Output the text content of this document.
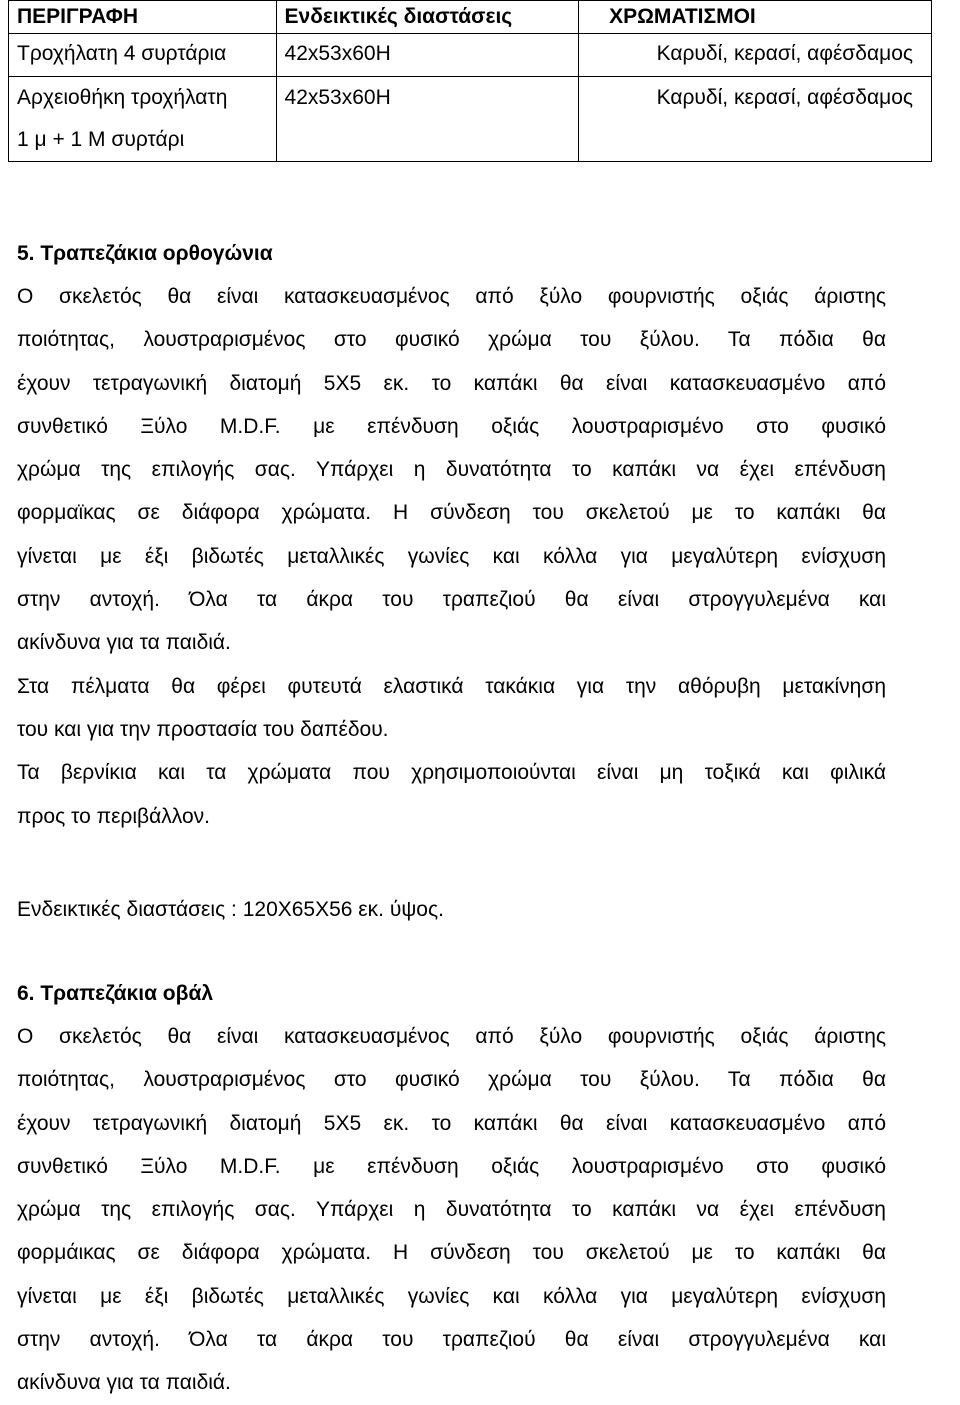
ΠΕΡΙΓΡΑΦΗ	Ενδεικτικές διαστάσεις	ΧΡΩΜΑΤΙΣΜΟΙ
Τροχήλατη 4 συρτάρια	42x53x60H	Καρυδί, κερασί, αφέσδαμος

Αρχειοθήκη τροχήλατη
1 μ + 1 Μ συρτάρι	42x53x60H	Καρυδί, κερασί, αφέσδαμος

5. Τραπεζάκια ορθογώνια

Ο σκελετός θα είναι κατασκευασμένος από ξύλο φουρνιστής οξιάς άριστης
ποιότητας, λουστραρισμένος στο φυσικό χρώμα του ξύλου. Τα πόδια θα
έχουν τετραγωνική διατομή 5Χ5 εκ. το καπάκι θα είναι κατασκευασμένο από
συνθετικό Ξύλο M.D.F. με επένδυση οξιάς λουστραρισμένο στο φυσικό
χρώμα της επιλογής σας. Υπάρχει η δυνατότητα το καπάκι να έχει επένδυση
φορμαϊκας σε διάφορα χρώματα. Η σύνδεση του σκελετού με το καπάκι θα
γίνεται με έξι βιδωτές μεταλλικές γωνίες και κόλλα για μεγαλύτερη ενίσχυση
στην αντοχή. Όλα τα άκρα του τραπεζιού θα είναι στρογγυλεμένα και
ακίνδυνα για τα παιδιά.
Στα πέλματα θα φέρει φυτευτά ελαστικά τακάκια για την αθόρυβη μετακίνηση
του και για την προστασία του δαπέδου.
Τα βερνίκια και τα χρώματα που χρησιμοποιούνται είναι μη τοξικά και φιλικά
προς το περιβάλλον.

Ενδεικτικές διαστάσεις : 120Χ65Χ56 εκ. ύψος.

6. Τραπεζάκια οβάλ

Ο σκελετός θα είναι κατασκευασμένος από ξύλο φουρνιστής οξιάς άριστης
ποιότητας, λουστραρισμένος στο φυσικό χρώμα του ξύλου. Τα πόδια θα
έχουν τετραγωνική διατομή 5Χ5 εκ. το καπάκι θα είναι κατασκευασμένο από
συνθετικό Ξύλο M.D.F. με επένδυση οξιάς λουστραρισμένο στο φυσικό
χρώμα της επιλογής σας. Υπάρχει η δυνατότητα το καπάκι να έχει επένδυση
φορμάικας σε διάφορα χρώματα. Η σύνδεση του σκελετού με το καπάκι θα
γίνεται με έξι βιδωτές μεταλλικές γωνίες και κόλλα για μεγαλύτερη ενίσχυση
στην αντοχή. Όλα τα άκρα του τραπεζιού θα είναι στρογγυλεμένα και
ακίνδυνα για τα παιδιά.
